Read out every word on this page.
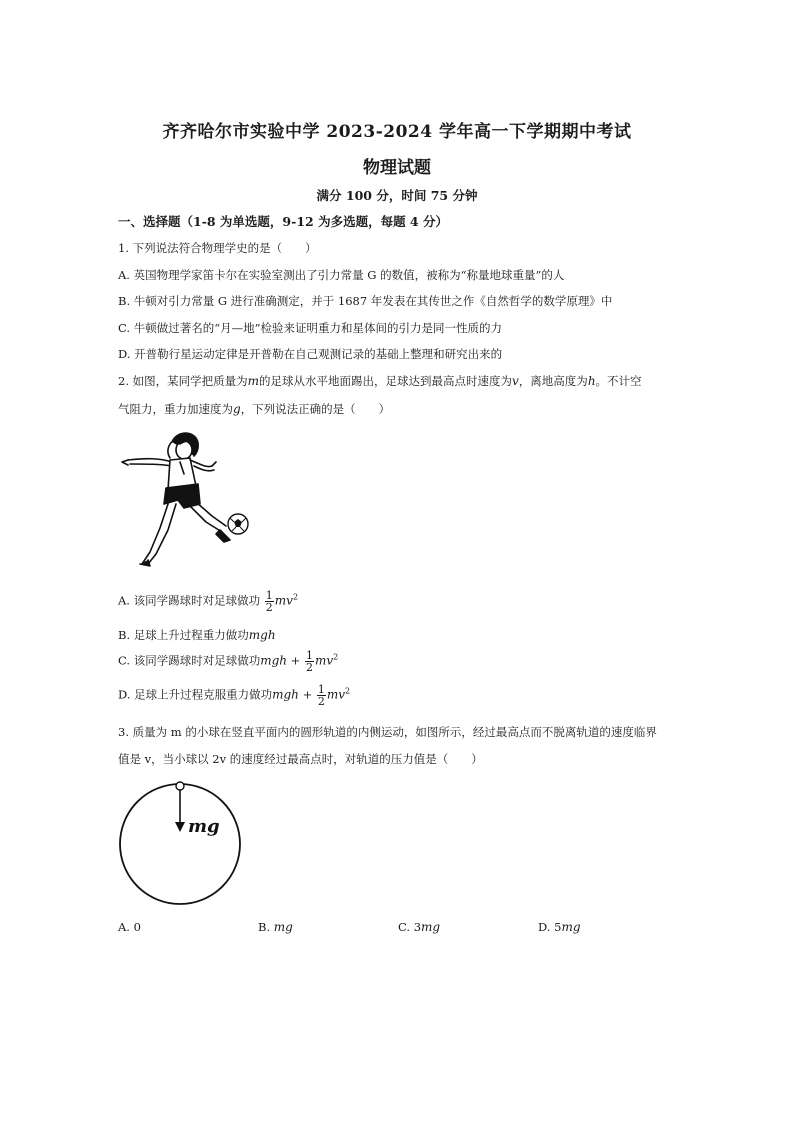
齐齐哈尔市实验中学 2023-2024 学年高一下学期期中考试
物理试题
满分 100 分，时间 75 分钟
一、选择题（1-8 为单选题，9-12 为多选题，每题 4 分）
1. 下列说法符合物理学史的是（　　）
A. 英国物理学家笛卡尔在实验室测出了引力常量 G 的数值，被称为“称量地球重量”的人
B. 牛顿对引力常量 G 进行准确测定，并于 1687 年发表在其传世之作《自然哲学的数学原理》中
C. 牛顿做过著名的“月—地”检验来证明重力和星体间的引力是同一性质的力
D. 开普勒行星运动定律是开普勒在自己观测记录的基础上整理和研究出来的
2. 如图，某同学把质量为m的足球从水平地面踢出，足球达到最高点时速度为v，离地高度为h。不计空
气阻力，重力加速度为g，下列说法正确的是（　　）
A. 该同学踢球时对足球做功 $\frac{1}{2} mv^2$
B. 足球上升过程重力做功mgh
C. 该同学踢球时对足球做功mgh + $\frac{1}{2} mv^2$
D. 足球上升过程克服重力做功mgh + $\frac{1}{2} mv^2$
3. 质量为 m 的小球在竖直平面内的圆形轨道的内侧运动，如图所示，经过最高点而不脱离轨道的速度临界
值是 v，当小球以 2v 的速度经过最高点时，对轨道的压力值是（　　）
mg
A. 0	B. mg	C. 3mg	D. 5mg
